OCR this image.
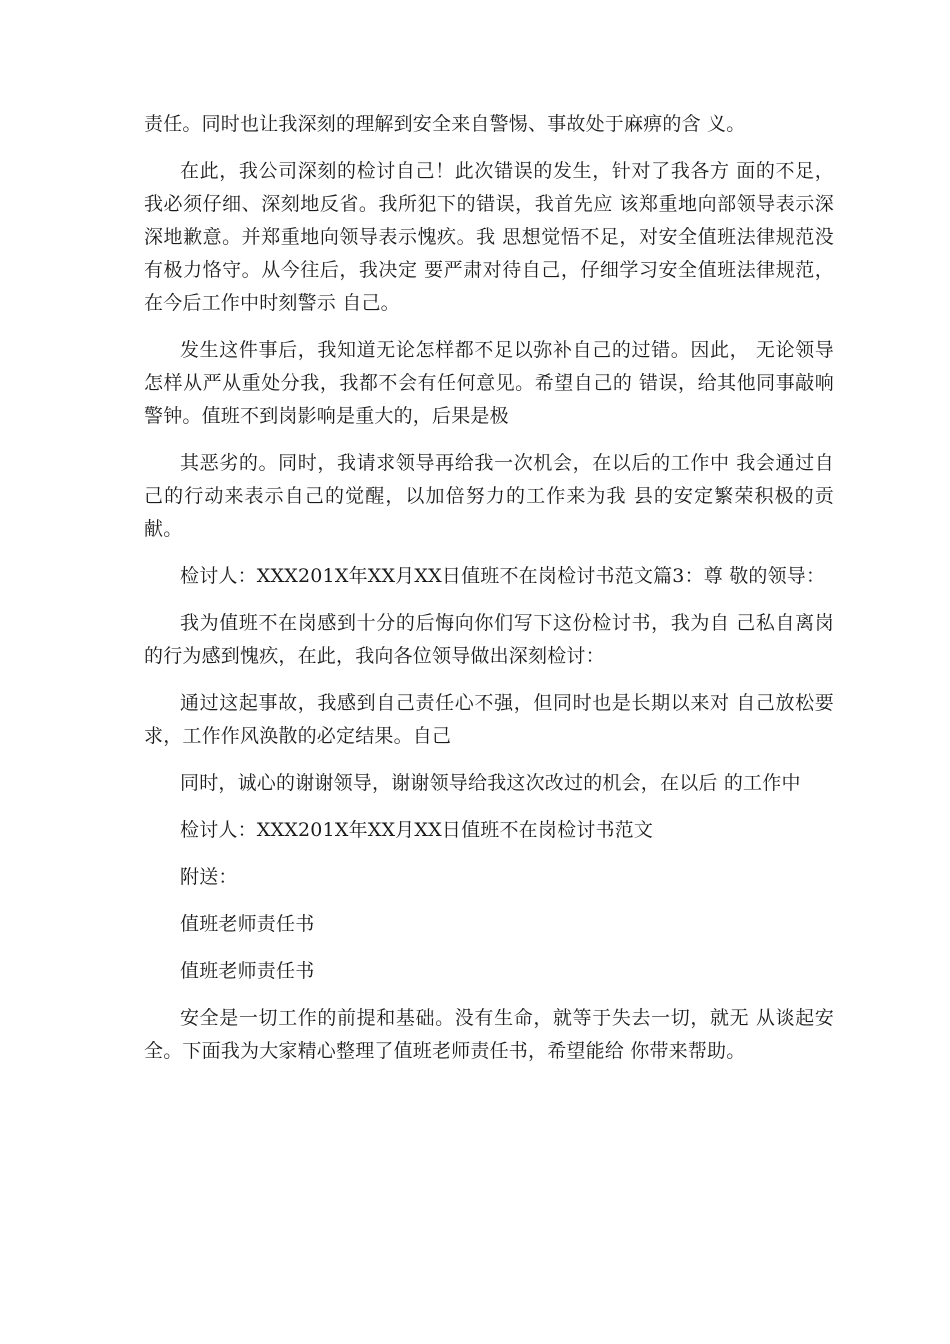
责任。同时也让我深刻的理解到安全来自警惕、事故处于麻痹的含 义。

在此，我公司深刻的检讨自己！此次错误的发生，针对了我各方 面的不足，我必须仔细、深刻地反省。我所犯下的错误，我首先应 该郑重地向部领导表示深深地歉意。并郑重地向领导表示愧疚。我 思想觉悟不足，对安全值班法律规范没有极力恪守。从今往后，我决定 要严肃对待自己，仔细学习安全值班法律规范，在今后工作中时刻警示 自己。

发生这件事后，我知道无论怎样都不足以弥补自己的过错。因此， 无论领导怎样从严从重处分我，我都不会有任何意见。希望自己的 错误，给其他同事敲响警钟。值班不到岗影响是重大的，后果是极

其恶劣的。同时，我请求领导再给我一次机会，在以后的工作中 我会通过自己的行动来表示自己的觉醒，以加倍努力的工作来为我 县的安定繁荣积极的贡献。

检讨人：XXX201X年XX月XX日值班不在岗检讨书范文篇3：尊 敬的领导：

我为值班不在岗感到十分的后悔向你们写下这份检讨书，我为自 己私自离岗的行为感到愧疚，在此，我向各位领导做出深刻检讨：

通过这起事故，我感到自己责任心不强，但同时也是长期以来对 自己放松要求，工作作风涣散的必定结果。自己

同时，诚心的谢谢领导，谢谢领导给我这次改过的机会，在以后 的工作中

检讨人：XXX201X年XX月XX日值班不在岗检讨书范文

附送：

值班老师责任书

值班老师责任书

安全是一切工作的前提和基础。没有生命，就等于失去一切，就无 从谈起安全。下面我为大家精心整理了值班老师责任书，希望能给 你带来帮助。
